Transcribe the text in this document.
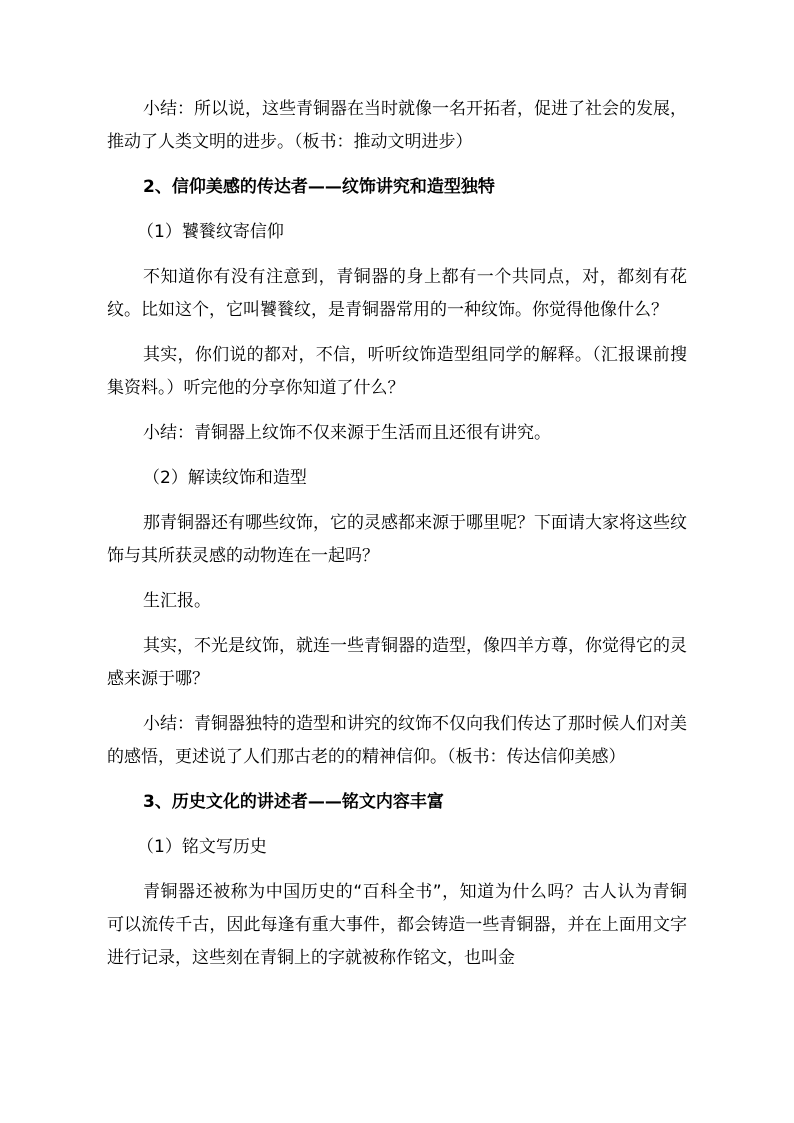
小结：所以说，这些青铜器在当时就像一名开拓者，促进了社会的发展，推动了人类文明的进步。（板书：推动文明进步）

2、信仰美感的传达者——纹饰讲究和造型独特

（1）饕餮纹寄信仰

不知道你有没有注意到，青铜器的身上都有一个共同点，对，都刻有花纹。比如这个，它叫饕餮纹，是青铜器常用的一种纹饰。你觉得他像什么？

其实，你们说的都对，不信，听听纹饰造型组同学的解释。（汇报课前搜集资料。）听完他的分享你知道了什么？

小结：青铜器上纹饰不仅来源于生活而且还很有讲究。

（2）解读纹饰和造型

那青铜器还有哪些纹饰，它的灵感都来源于哪里呢？下面请大家将这些纹饰与其所获灵感的动物连在一起吗？

生汇报。

其实，不光是纹饰，就连一些青铜器的造型，像四羊方尊，你觉得它的灵感来源于哪？

小结：青铜器独特的造型和讲究的纹饰不仅向我们传达了那时候人们对美的感悟，更述说了人们那古老的的精神信仰。（板书：传达信仰美感）

3、历史文化的讲述者——铭文内容丰富

（1）铭文写历史

青铜器还被称为中国历史的“百科全书”，知道为什么吗？古人认为青铜可以流传千古，因此每逢有重大事件，都会铸造一些青铜器，并在上面用文字进行记录，这些刻在青铜上的字就被称作铭文，也叫金
